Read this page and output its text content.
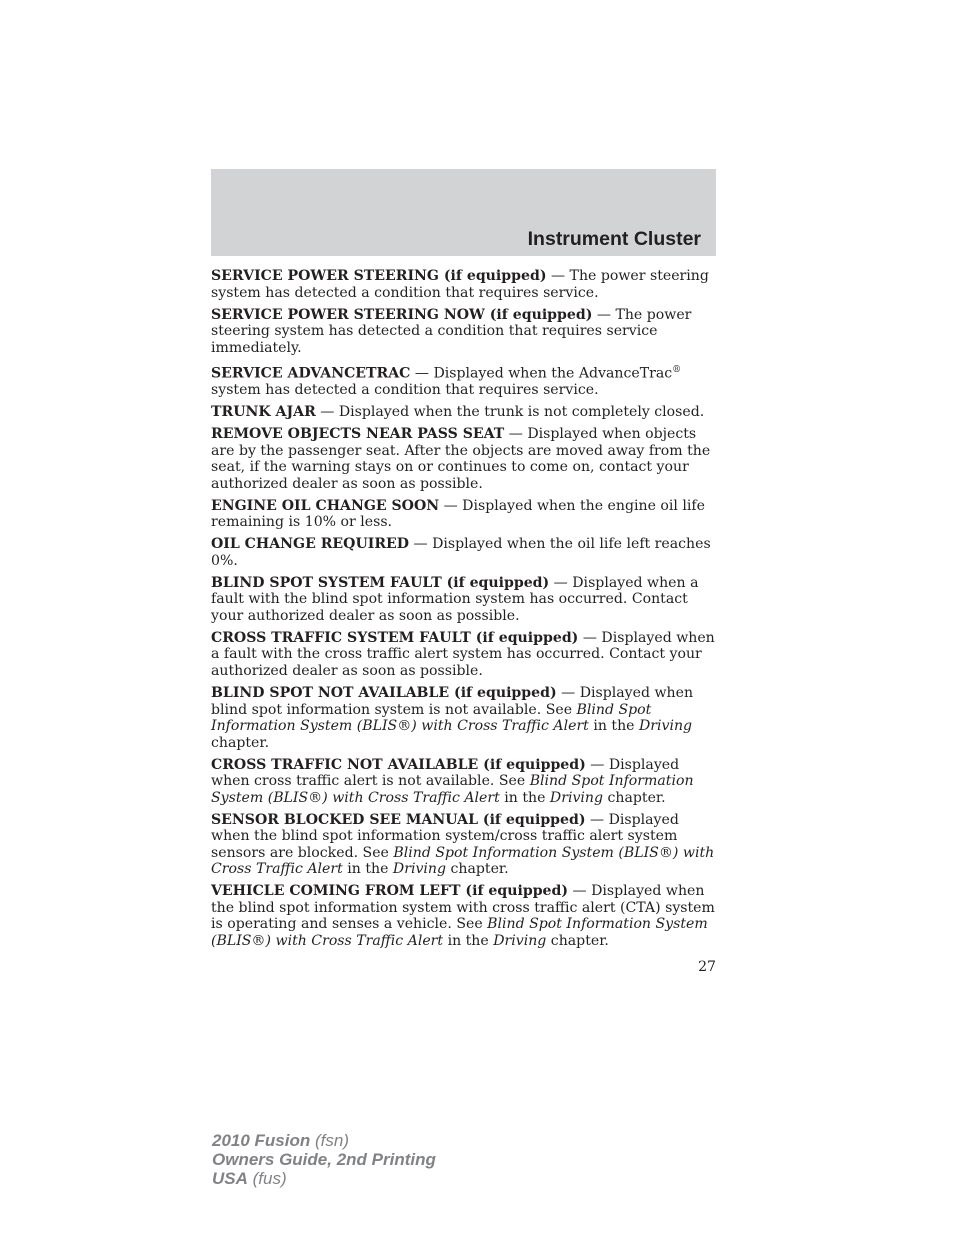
Instrument Cluster

SERVICE POWER STEERING (if equipped) — The power steering system has detected a condition that requires service.

SERVICE POWER STEERING NOW (if equipped) — The power steering system has detected a condition that requires service immediately.

SERVICE ADVANCETRAC — Displayed when the AdvanceTrac® system has detected a condition that requires service.

TRUNK AJAR — Displayed when the trunk is not completely closed.

REMOVE OBJECTS NEAR PASS SEAT — Displayed when objects are by the passenger seat. After the objects are moved away from the seat, if the warning stays on or continues to come on, contact your authorized dealer as soon as possible.

ENGINE OIL CHANGE SOON — Displayed when the engine oil life remaining is 10% or less.

OIL CHANGE REQUIRED — Displayed when the oil life left reaches 0%.

BLIND SPOT SYSTEM FAULT (if equipped) — Displayed when a fault with the blind spot information system has occurred. Contact your authorized dealer as soon as possible.

CROSS TRAFFIC SYSTEM FAULT (if equipped) — Displayed when a fault with the cross traffic alert system has occurred. Contact your authorized dealer as soon as possible.

BLIND SPOT NOT AVAILABLE (if equipped) — Displayed when blind spot information system is not available. See Blind Spot Information System (BLIS®) with Cross Traffic Alert in the Driving chapter.

CROSS TRAFFIC NOT AVAILABLE (if equipped) — Displayed when cross traffic alert is not available. See Blind Spot Information System (BLIS®) with Cross Traffic Alert in the Driving chapter.

SENSOR BLOCKED SEE MANUAL (if equipped) — Displayed when the blind spot information system/cross traffic alert system sensors are blocked. See Blind Spot Information System (BLIS®) with Cross Traffic Alert in the Driving chapter.

VEHICLE COMING FROM LEFT (if equipped) — Displayed when the blind spot information system with cross traffic alert (CTA) system is operating and senses a vehicle. See Blind Spot Information System (BLIS®) with Cross Traffic Alert in the Driving chapter.

27
2010 Fusion (fsn)
Owners Guide, 2nd Printing
USA (fus)
